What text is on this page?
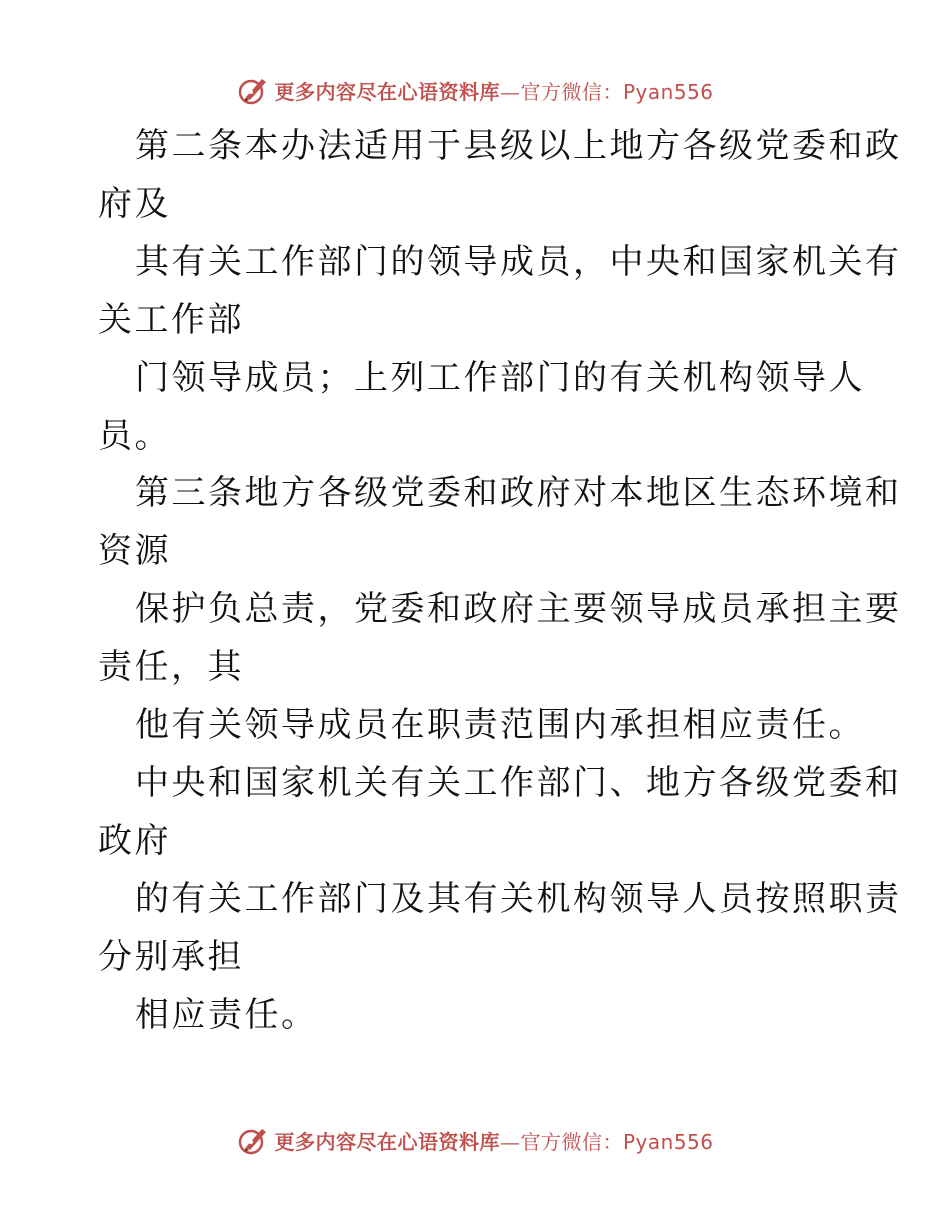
更多内容尽在心语资料库—官方微信：Pyan556
第二条本办法适用于县级以上地方各级党委和政
府及
其有关工作部门的领导成员，中央和国家机关有
关工作部
门领导成员；上列工作部门的有关机构领导人
员。
第三条地方各级党委和政府对本地区生态环境和
资源
保护负总责，党委和政府主要领导成员承担主要
责任，其
他有关领导成员在职责范围内承担相应责任。
中央和国家机关有关工作部门、地方各级党委和
政府
的有关工作部门及其有关机构领导人员按照职责
分别承担
相应责任。
更多内容尽在心语资料库—官方微信：Pyan556
